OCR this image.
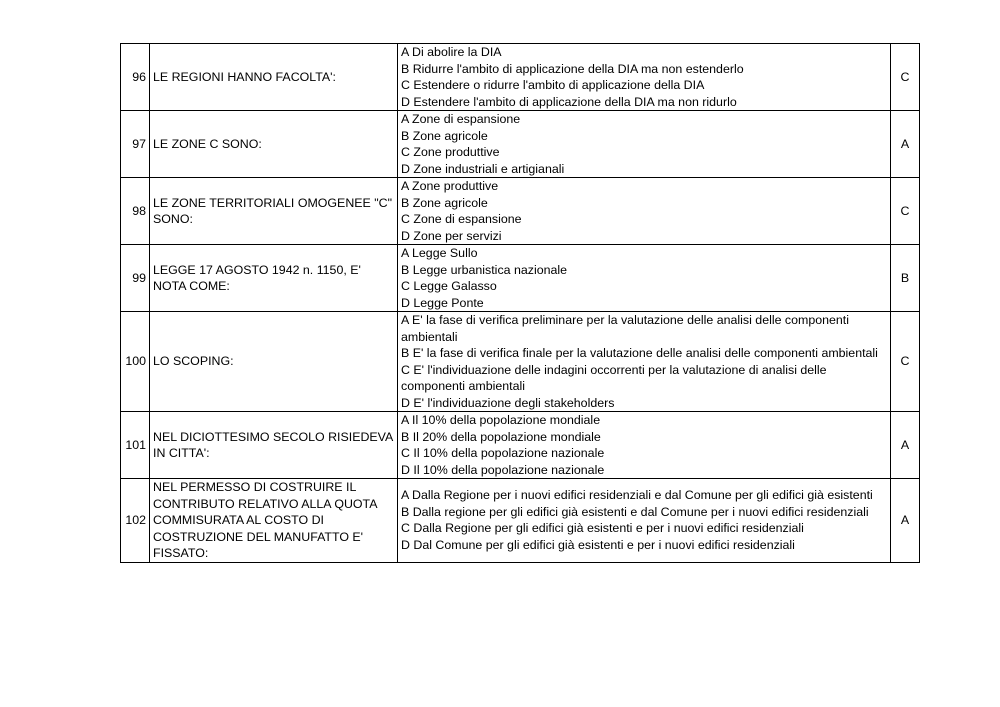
96	LE REGIONI HANNO FACOLTA':	A Di abolire la DIA
B Ridurre l'ambito di applicazione della DIA ma non estenderlo
C Estendere o ridurre l'ambito di applicazione della DIA
D Estendere l'ambito di applicazione della DIA ma non ridurlo	C
97	LE ZONE C SONO:	A Zone di espansione
B Zone agricole
C Zone produttive
D Zone industriali e artigianali	A
98	LE ZONE TERRITORIALI OMOGENEE "C" SONO:	A Zone produttive
B Zone agricole
C Zone di espansione
D Zone per servizi	C
99	LEGGE 17 AGOSTO 1942 n. 1150, E' NOTA COME:	A Legge Sullo
B Legge urbanistica nazionale
C Legge Galasso
D Legge Ponte	B
100	LO SCOPING:	A E' la fase di verifica preliminare per la valutazione delle analisi delle componenti ambientali
B E' la fase di verifica finale per la valutazione delle analisi delle componenti ambientali
C E' l'individuazione delle indagini occorrenti per la valutazione di analisi delle componenti ambientali
D E' l'individuazione degli stakeholders	C
101	NEL DICIOTTESIMO SECOLO RISIEDEVA IN CITTA':	A Il 10% della popolazione mondiale
B Il 20% della popolazione mondiale
C Il 10% della popolazione nazionale
D Il 10% della popolazione nazionale	A
102	NEL PERMESSO DI COSTRUIRE IL CONTRIBUTO RELATIVO ALLA QUOTA COMMISURATA AL COSTO DI COSTRUZIONE DEL MANUFATTO E' FISSATO:	A Dalla Regione per i nuovi edifici residenziali e dal Comune per gli edifici già esistenti
B Dalla regione per gli edifici già esistenti e dal Comune per i nuovi edifici residenziali
C Dalla Regione per gli edifici già esistenti e per i nuovi edifici residenziali
D Dal Comune per gli edifici già esistenti e per i nuovi edifici residenziali	A
